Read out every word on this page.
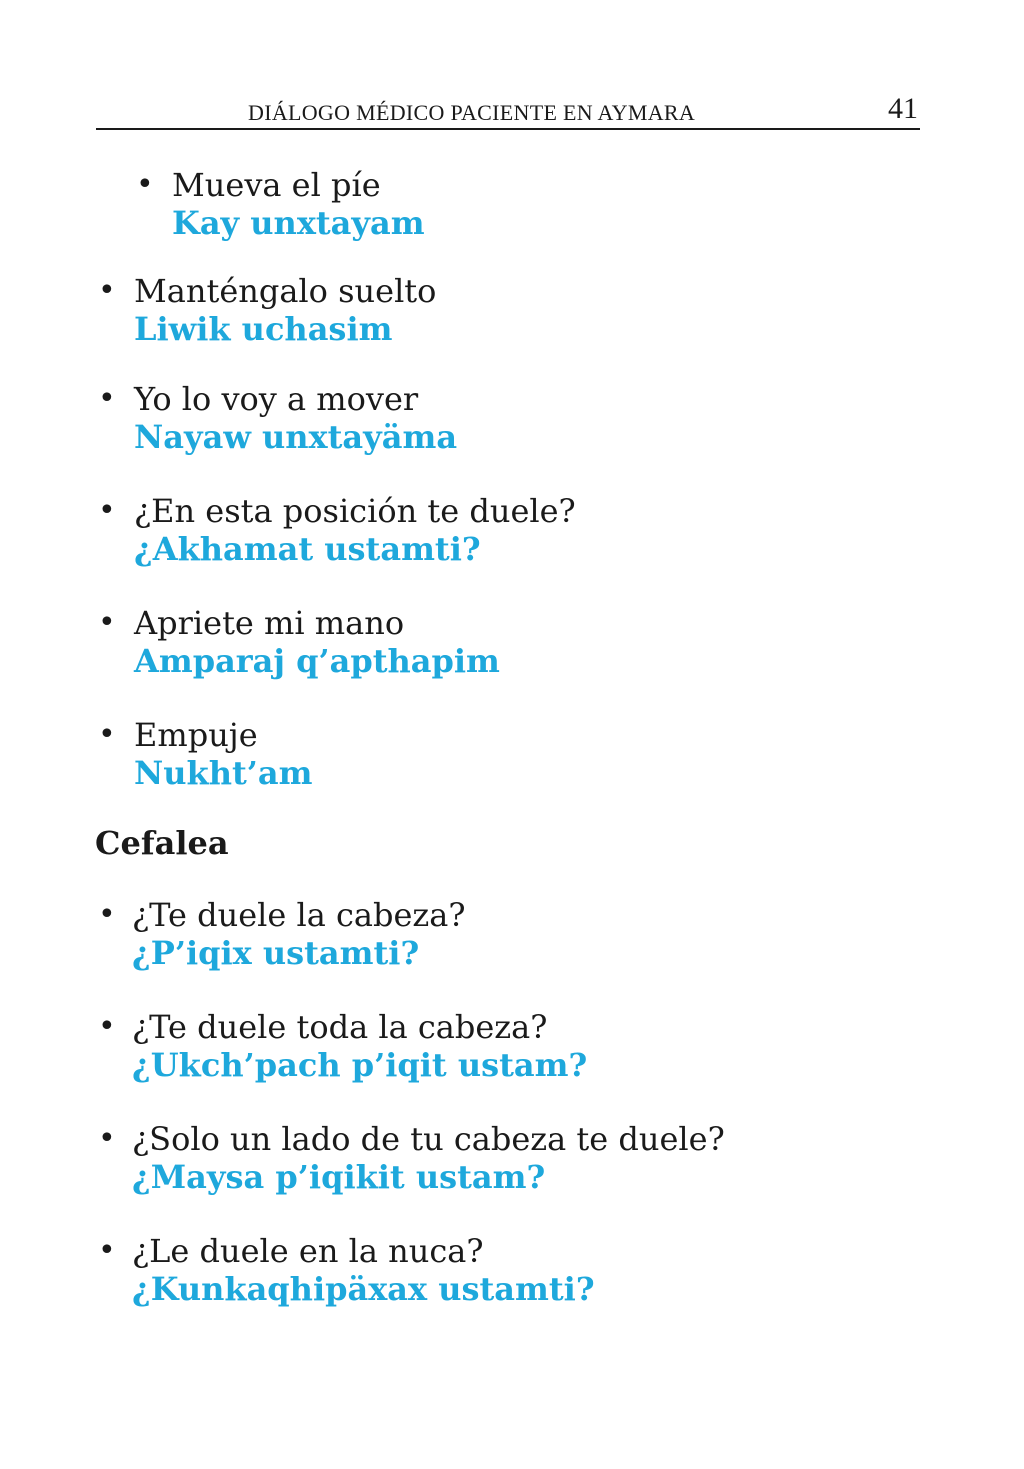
DIÁLOGO MÉDICO PACIENTE EN AYMARA	41
• Mueva el píe
Kay unxtayam
• Manténgalo suelto
Liwik uchasim
• Yo lo voy a mover
Nayaw unxtayäma
• ¿En esta posición te duele?
¿Akhamat ustamti?
• Apriete mi mano
Amparaj q’apthapim
• Empuje
Nukht’am
Cefalea
• ¿Te duele la cabeza?
¿P’iqix ustamti?
• ¿Te duele toda la cabeza?
¿Ukch’pach p’iqit ustam?
• ¿Solo un lado de tu cabeza te duele?
¿Maysa p’iqikit ustam?
• ¿Le duele en la nuca?
¿Kunkaqhipäxax ustamti?
